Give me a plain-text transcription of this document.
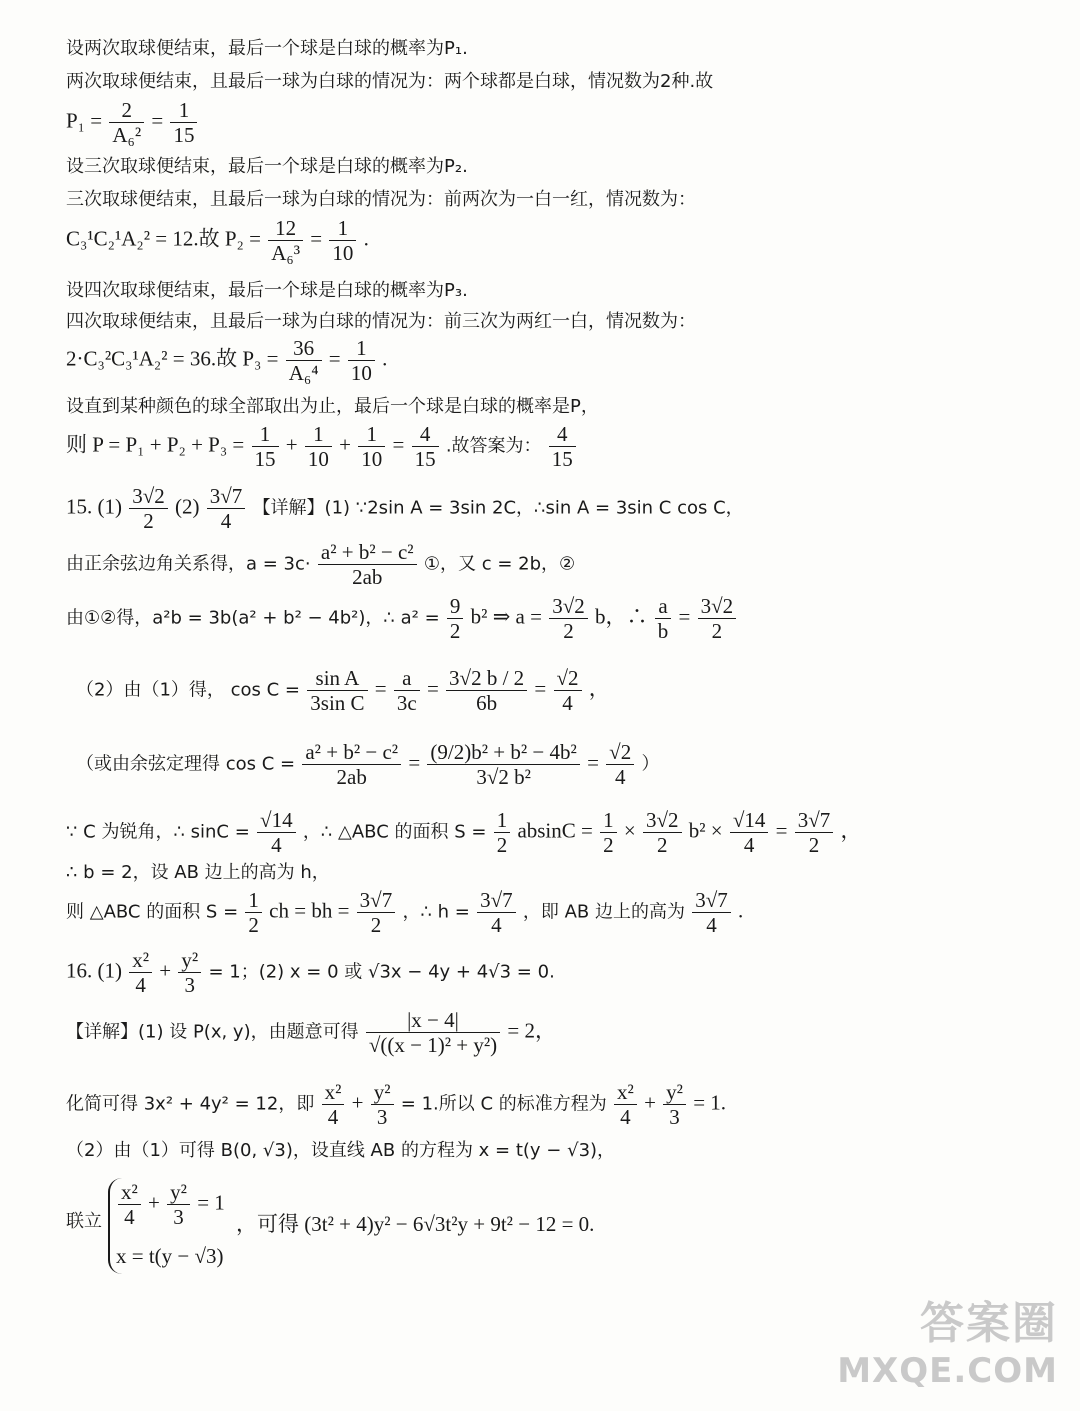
设两次取球便结束，最后一个球是白球的概率为P₁.
两次取球便结束，且最后一球为白球的情况为：两个球都是白球，情况数为2种.故
$P_1 = \frac{2}{\text{A₆²}} = \frac{1}{15}$
设三次取球便结束，最后一个球是白球的概率为P₂.
三次取球便结束，且最后一球为白球的情况为：前两次为一白一红，情况数为：
C₃¹C₂¹A₂² = 12.故 $P_2 = \frac{12}{\text{A₆³}} = \frac{1}{10}$ .
设四次取球便结束，最后一个球是白球的概率为P₃.
四次取球便结束，且最后一球为白球的情况为：前三次为两红一白，情况数为：
2·C₃²C₃¹A₂² = 36.故 $P_3 = \frac{36}{\text{A₆⁴}} = \frac{1}{10}$ .
设直到某种颜色的球全部取出为止，最后一个球是白球的概率是P，
则 $P = P_1 + P_2 + P_3 = \frac{1}{15} + \frac{1}{10} + \frac{1}{10} = \frac{4}{15}$ .故答案为： $\frac{4}{15}$
15. $(1) \frac{3√2}{2} (2) \frac{3√7}{4}$ 【详解】(1) ∵2sin A = 3sin 2C，∴sin A = 3sin C cos C，
由正余弦边角关系得，$a = 3c\cdot \frac{\text{a² + b² − c²}}{2ab}$ ①，又 c = 2b，②
由①②得，a²b = 3b(a² + b² − 4b²)，∴ $a^2 = \frac{9}{2} b^2$ ⇒ $a = \frac{3√2}{2}$ b，∴ $\frac{a}{b} = \frac{3√2}{2}$
（2）由（1）得， $\cos C = \frac{\text{sin A}}{\text{3sin C}} = \frac{a}{3c} = \frac{3√2 b / 2}{6b} = \frac{√2}{4}$ ，
（或由余弦定理得 $\cos C = \frac{\text{a² + b² − c²}}{2ab} = \frac{\text{(9/2)b² + b² − 4b²}}{\text{3√2 b²}} = \frac{√2}{4}$ ）
∵ C 为锐角，∴ $\sin C = \frac{√14}{4}$ ，∴ △ABC 的面积 $S = \frac{1}{2}$ $absinC = \frac{1}{2} \times \frac{3√2}{2} b^2 \times \frac{√14}{4} = \frac{3√7}{2}$ ，
∴ b = 2，设 AB 边上的高为 h，
则 △ABC 的面积 $S = \frac{1}{2}$ ch = bh = $\frac{3√7}{2}$ ，∴ $h = \frac{3√7}{4}$ ，即 AB 边上的高为 $\frac{3√7}{4}$ .
16. $(1) \frac{\text{x²}}{4} + \frac{\text{y²}}{3} = 1$；(2) x = 0 或 √3x − 4y + 4√3 = 0.
【详解】(1) 设 P(x, y)，由题意可得 $\frac{|x - 4|}{\text{√((x − 1)² + y²)}} = 2$，
化简可得 3x² + 4y² = 12，即 $\frac{\text{x²}}{4} + \frac{\text{y²}}{3} = 1$.所以 C 的标准方程为 $\frac{\text{x²}}{4} + \frac{\text{y²}}{3} = 1$.
（2）由（1）可得 B(0, √3)，设直线 AB 的方程为 x = t(y − √3)，
联立 $\frac{\text{x²}}{4} + \frac{\text{y²}}{3} = 1$
x = t(y − √3)
，可得 (3t² + 4)y² − 6√3t²y + 9t² − 12 = 0.
答案圈
MXQE.COM
